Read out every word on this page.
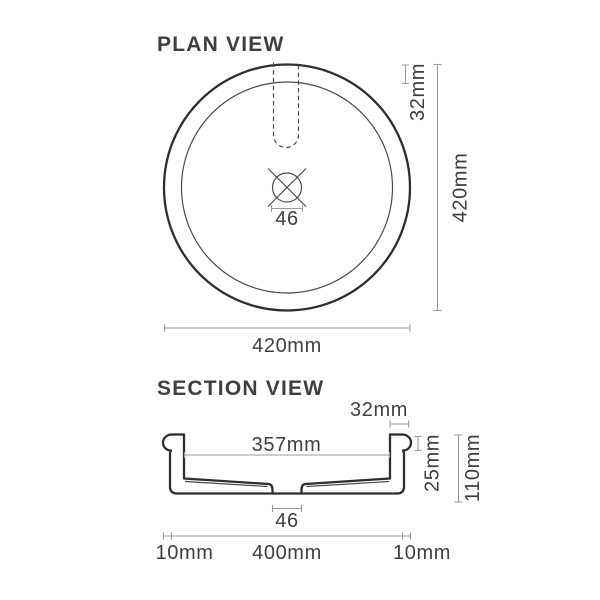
PLAN VIEW
46
32mm
420mm
420mm
SECTION VIEW
32mm
357mm	25mm 110mm
46
10mm 400mm	10mm
